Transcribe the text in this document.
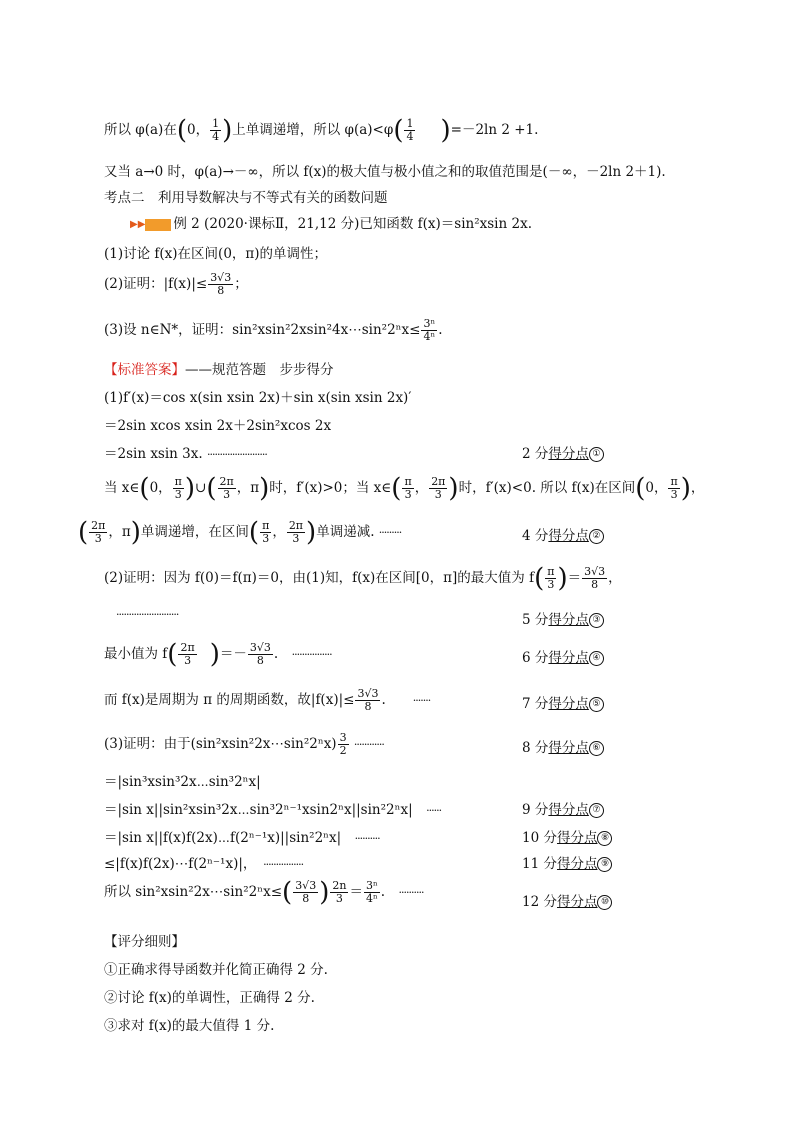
所以 φ(a)在(0， $\frac{1}{4}$ )上单调递增，所以 $\varphi(a)<\varphi( \frac{1}{4} )=-2\ln$ 2 +1.
又当 a→0 时，φ(a)→－∞，所以 f(x)的极大值与极小值之和的取值范围是(－∞，－2ln 2＋1).
考点二　利用导数解决与不等式有关的函数问题
▶▶ 例 2 (2020·课标Ⅱ，21,12 分)已知函数 f(x)＝sin²xsin 2x.
(1)讨论 f(x)在区间(0，π)的单调性；
(2)证明：$|f(x)|\le \frac{3√3}{8}$ ；
(3)设 n∈N*，证明：sin²xsin²2xsin²4x⋯sin²2ⁿx≤ $\frac{\text{3ⁿ}}{\text{4ⁿ}}$ .
【标准答案】——规范答题　步步得分
(1)f′(x)＝cos x(sin xsin 2x)＋sin x(sin xsin 2x)′
＝2sin xcos xsin 2x＋2sin²xcos 2x
＝2sin xsin 3x. ························
当 x∈(0， $\frac{\pi}{3}$ )∪( $\frac{2\pi}{3}$ ，π)时，f′(x)>0；当 x∈( $\frac{\pi}{3}$ ， $\frac{2\pi}{3}$ )时，f′(x)<0. 所以 f(x)在区间(0， $\frac{\pi}{3}$ )，
( $\frac{2\pi}{3}$ ，π)单调递增，在区间( $\frac{\pi}{3}$ ， $\frac{2\pi}{3}$ )单调递减. ·········
(2)证明：因为 f(0)＝f(π)＝0，由(1)知，f(x)在区间[0，π]的最大值为 $f( \frac{\pi}{3}$ )＝ $\frac{3√3}{8}$ ，
·························
最小值为 $f( \frac{2\pi}{3}$ )＝－ $\frac{3√3}{8}$ .　················
而 f(x)是周期为 π 的周期函数，故$|f(x)|\le \frac{3√3}{8}$ .　　·······
(3)证明：由于(sin²xsin²2x⋯sin²2ⁿx) $\frac{3}{2}$ ············
＝|sin³xsin³2x⋯sin³2ⁿx|
＝|sin x||sin²xsin³2x⋯sin³2ⁿ⁻¹xsin2ⁿx||sin²2ⁿx|　 ······
＝|sin x||f(x)f(2x)⋯f(2ⁿ⁻¹x)||sin²2ⁿx|　 ··········
≤|f(x)f(2x)⋯f(2ⁿ⁻¹x)|，　 ················
所以 sin²xsin²2x⋯sin²2ⁿx≤( $\frac{3√3}{8}$ ) $\frac{2n}{3} = \frac{\text{3ⁿ}}{\text{4ⁿ}}$ .　··········
2 分得分点 ①
4 分得分点 ②
5 分得分点 ③
6 分得分点 ④
7 分得分点 ⑤
8 分得分点 ⑥
9 分得分点 ⑦
10 分得分点 ⑧
11 分得分点 ⑨
12 分得分点 ⑩
【评分细则】
①正确求得导函数并化简正确得 2 分.
②讨论 f(x)的单调性，正确得 2 分.
③求对 f(x)的最大值得 1 分.
